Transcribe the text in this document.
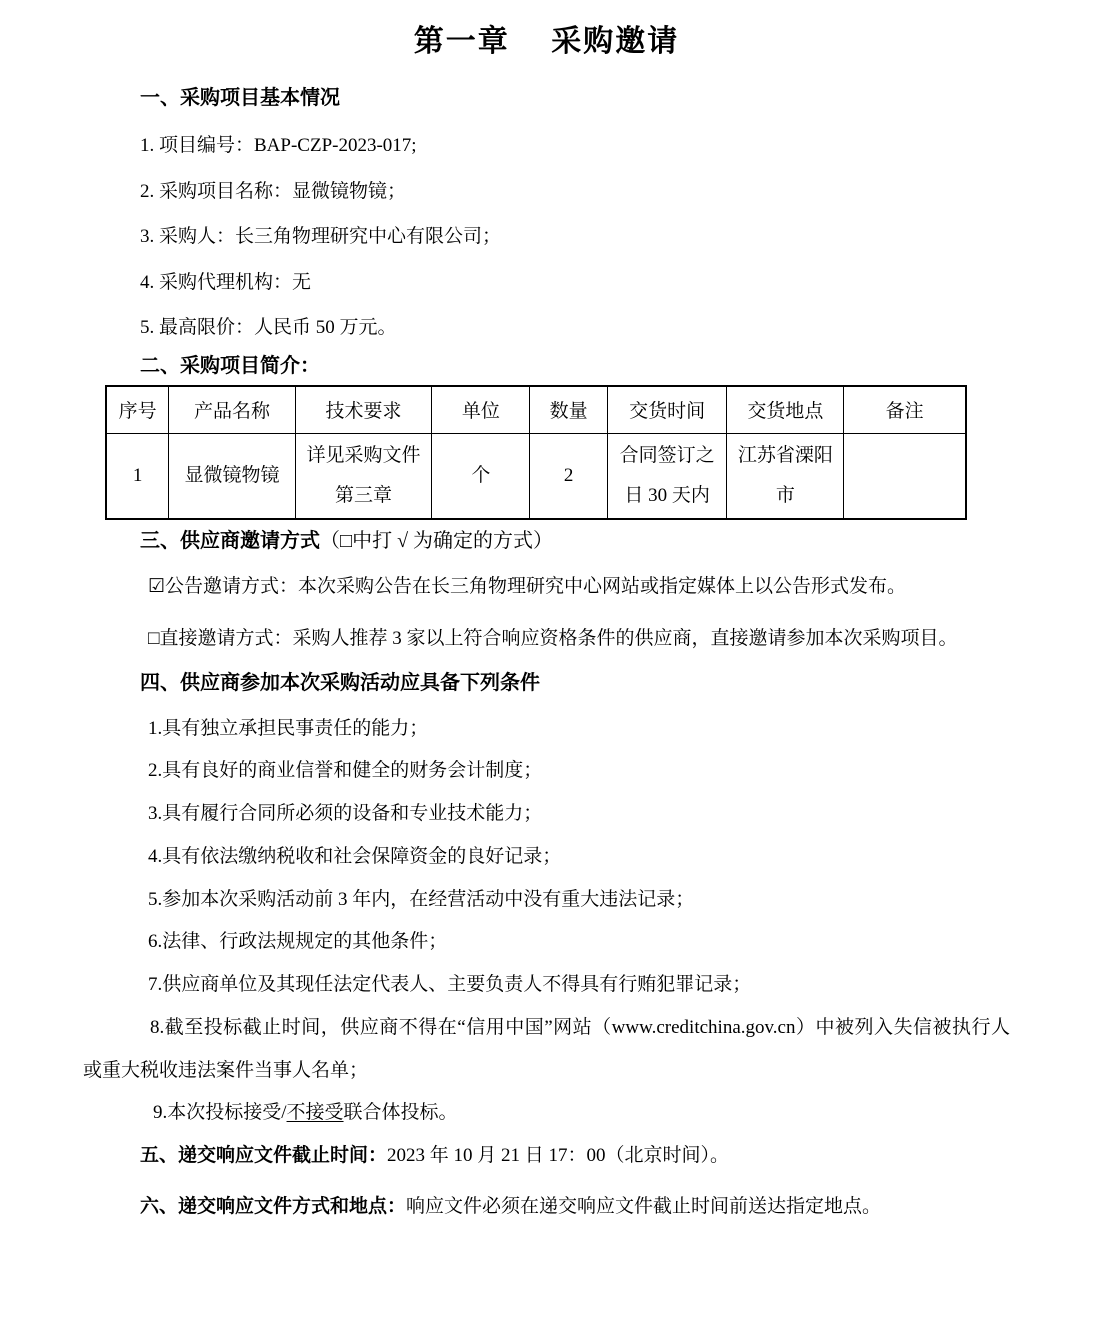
第一章　 采购邀请
一、采购项目基本情况

1. 项目编号：BAP-CZP-2023-017;

2. 采购项目名称：显微镜物镜；

3. 采购人：长三角物理研究中心有限公司；

4. 采购代理机构：无

5. 最高限价：人民币 50 万元。

二、采购项目简介：
序号	产品名称	技术要求	单位	数量	交货时间	交货地点	备注
1	显微镜物镜	详见采购文件第三章	个	2	合同签订之日 30 天内	江苏省溧阳市	
三、供应商邀请方式（□中打 √ 为确定的方式）

☑公告邀请方式：本次采购公告在长三角物理研究中心网站或指定媒体上以公告形式发布。

□直接邀请方式：采购人推荐 3 家以上符合响应资格条件的供应商，直接邀请参加本次采购项目。

四、供应商参加本次采购活动应具备下列条件

1.具有独立承担民事责任的能力；

2.具有良好的商业信誉和健全的财务会计制度；

3.具有履行合同所必须的设备和专业技术能力；

4.具有依法缴纳税收和社会保障资金的良好记录；

5.参加本次采购活动前 3 年内，在经营活动中没有重大违法记录；

6.法律、行政法规规定的其他条件；

7.供应商单位及其现任法定代表人、主要负责人不得具有行贿犯罪记录；

8.截至投标截止时间，供应商不得在“信用中国”网站（www.creditchina.gov.cn）中被列入失信被执行人或重大税收违法案件当事人名单；

9.本次投标接受/不接受联合体投标。

五、递交响应文件截止时间：2023 年 10 月 21 日 17：00（北京时间）。

六、递交响应文件方式和地点：响应文件必须在递交响应文件截止时间前送达指定地点。
